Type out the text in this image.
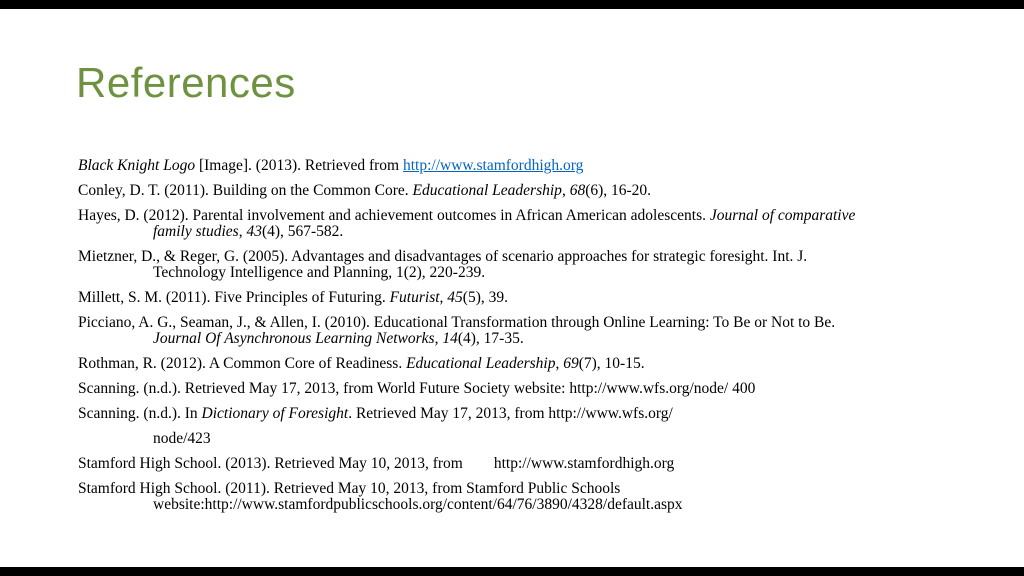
References
Black Knight Logo [Image]. (2013). Retrieved from http://www.stamfordhigh.org
Conley, D. T. (2011). Building on the Common Core. Educational Leadership, 68(6), 16-20.
Hayes, D. (2012). Parental involvement and achievement outcomes in African American adolescents. Journal of comparative
family studies, 43(4), 567-582.
Mietzner, D., & Reger, G. (2005). Advantages and disadvantages of scenario approaches for strategic foresight. Int. J.
Technology Intelligence and Planning, 1(2), 220-239.
Millett, S. M. (2011). Five Principles of Futuring. Futurist, 45(5), 39.
Picciano, A. G., Seaman, J., & Allen, I. (2010). Educational Transformation through Online Learning: To Be or Not to Be.
Journal Of Asynchronous Learning Networks, 14(4), 17-35.
Rothman, R. (2012). A Common Core of Readiness. Educational Leadership, 69(7), 10-15.
Scanning. (n.d.). Retrieved May 17, 2013, from World Future Society website: http://www.wfs.org/node/ 400
Scanning. (n.d.). In Dictionary of Foresight. Retrieved May 17, 2013, from http://www.wfs.org/
node/423
Stamford High School. (2013). Retrieved May 10, 2013, from        http://www.stamfordhigh.org
Stamford High School. (2011). Retrieved May 10, 2013, from Stamford Public Schools
website:http://www.stamfordpublicschools.org/content/64/76/3890/4328/default.aspx
